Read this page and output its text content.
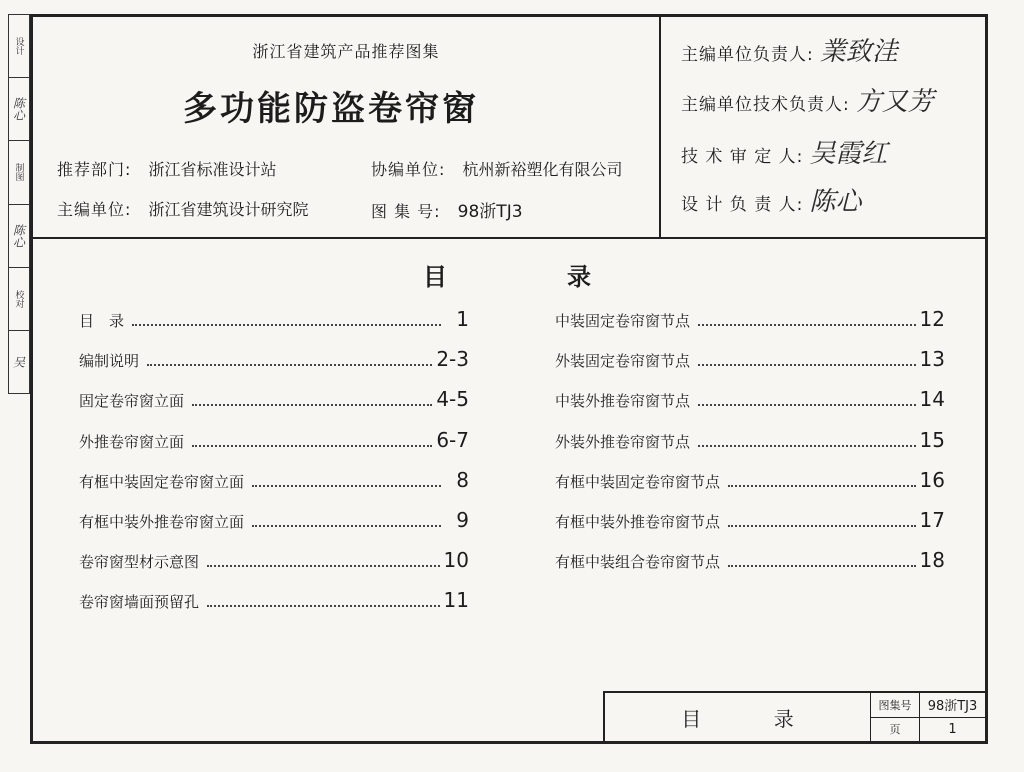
设计
陈心
制图
陈心
校对
吴
浙江省建筑产品推荐图集
多功能防盗卷帘窗
推荐部门: 浙江省标准设计站	协编单位: 杭州新裕塑化有限公司
主编单位: 浙江省建筑设计研究院	图 集 号: 98浙TJ3
主编单位负责人: 業致洼
主编单位技术负责人: 方又芳
技 术 审 定 人: 吴霞红
设 计 负 责 人: 陈心
目	录
目　录	1
编制说明	2-3
固定卷帘窗立面	4-5
外推卷帘窗立面	6-7
有框中装固定卷帘窗立面	8
有框中装外推卷帘窗立面	9
卷帘窗型材示意图	10
卷帘窗墙面预留孔	11
中装固定卷帘窗节点	12
外装固定卷帘窗节点	13
中装外推卷帘窗节点	14
外装外推卷帘窗节点	15
有框中装固定卷帘窗节点	16
有框中装外推卷帘窗节点	17
有框中装组合卷帘窗节点	18
目	录
图集号	98浙TJ3
页	1
